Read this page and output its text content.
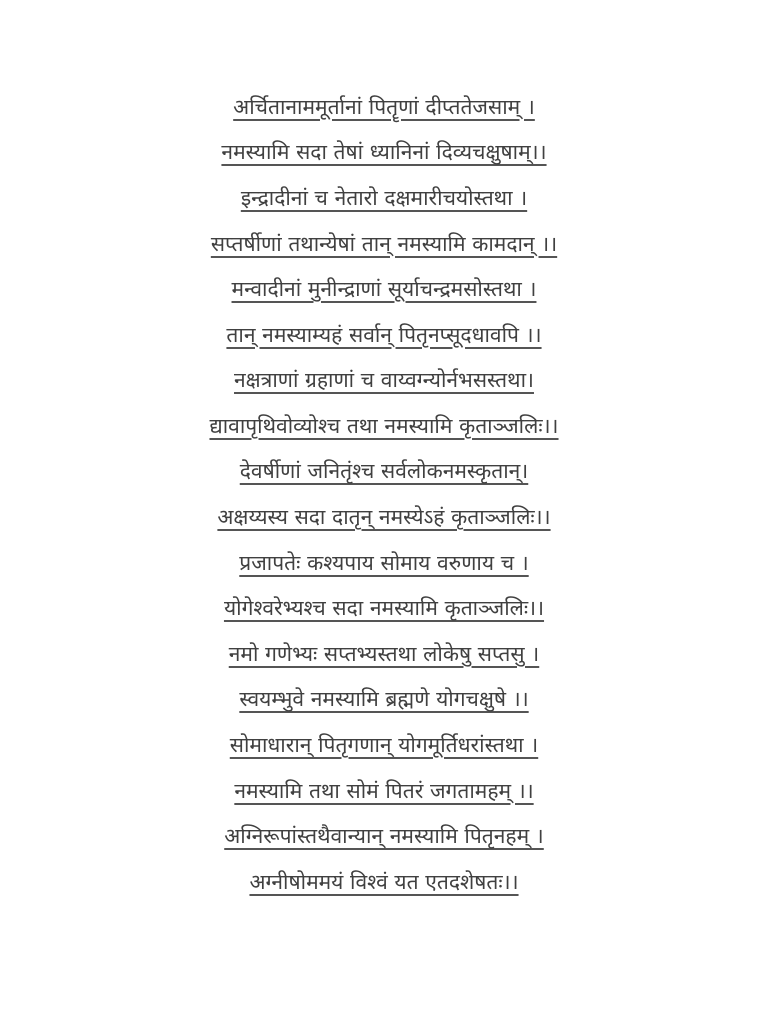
अर्चितानाममूर्तानां पितॄणां दीप्ततेजसाम् ।
नमस्यामि सदा तेषां ध्यानिनां दिव्यचक्षुषाम्।।
इन्द्रादीनां च नेतारो दक्षमारीचयोस्तथा ।
सप्तर्षीणां तथान्येषां तान् नमस्यामि कामदान् ।।
मन्वादीनां मुनीन्द्राणां सूर्याचन्द्रमसोस्तथा ।
तान् नमस्याम्यहं सर्वान् पितृनप्सूदधावपि ।।
नक्षत्राणां ग्रहाणां च वाय्वग्न्योर्नभसस्तथा।
द्यावापृथिवोव्योश्च तथा नमस्यामि कृताञ्जलिः।।
देवर्षीणां जनितृंश्च सर्वलोकनमस्कृतान्।
अक्षय्यस्य सदा दातृन् नमस्येऽहं कृताञ्जलिः।।
प्रजापतेः कश्यपाय सोमाय वरुणाय च ।
योगेश्वरेभ्यश्च सदा नमस्यामि कृताञ्जलिः।।
नमो गणेभ्यः सप्तभ्यस्तथा लोकेषु सप्तसु ।
स्वयम्भुवे नमस्यामि ब्रह्मणे योगचक्षुषे ।।
सोमाधारान् पितृगणान् योगमूर्तिधरांस्तथा ।
नमस्यामि तथा सोमं पितरं जगतामहम् ।।
अग्निरूपांस्तथैवान्यान् नमस्यामि पितृनहम् ।
अग्नीषोममयं विश्वं यत एतदशेषतः।।
